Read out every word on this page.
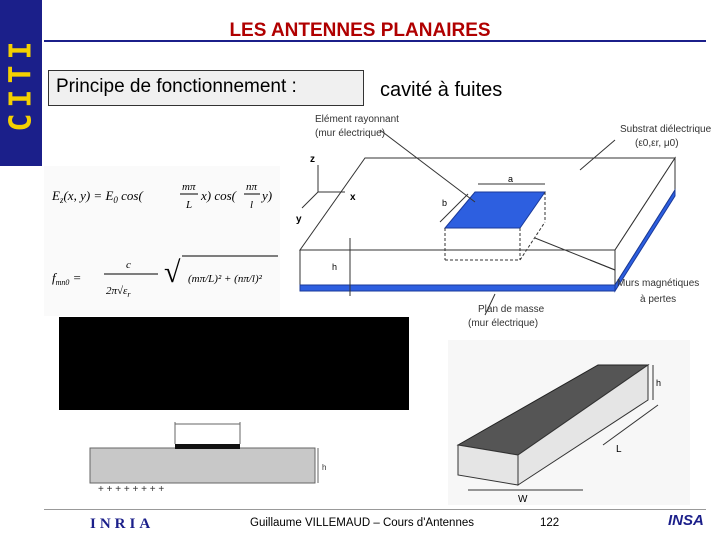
CITI
LES ANTENNES PLANAIRES
Principe de fonctionnement :	cavité à fuites
a
b
h
z
x
y
Elément rayonnant
(mur électrique)	Substrat diélectrique
(ε0,εr, μ0)
Murs magnétiques
à pertes
Plan de masse
(mur électrique)
$E_z(x$, $y) = E_0$ cos(
mπ
L
x) cos(
nπ
l
y)
$f_{mn0}$ =
c
$2\pi√\varepsilon_r$
√ (mπ/L)² + (nπ/l)²
h
+ + + + + + + +
h
L
W
INRIA	Guillaume VILLEMAUD – Cours d'Antennes	122	INSA
